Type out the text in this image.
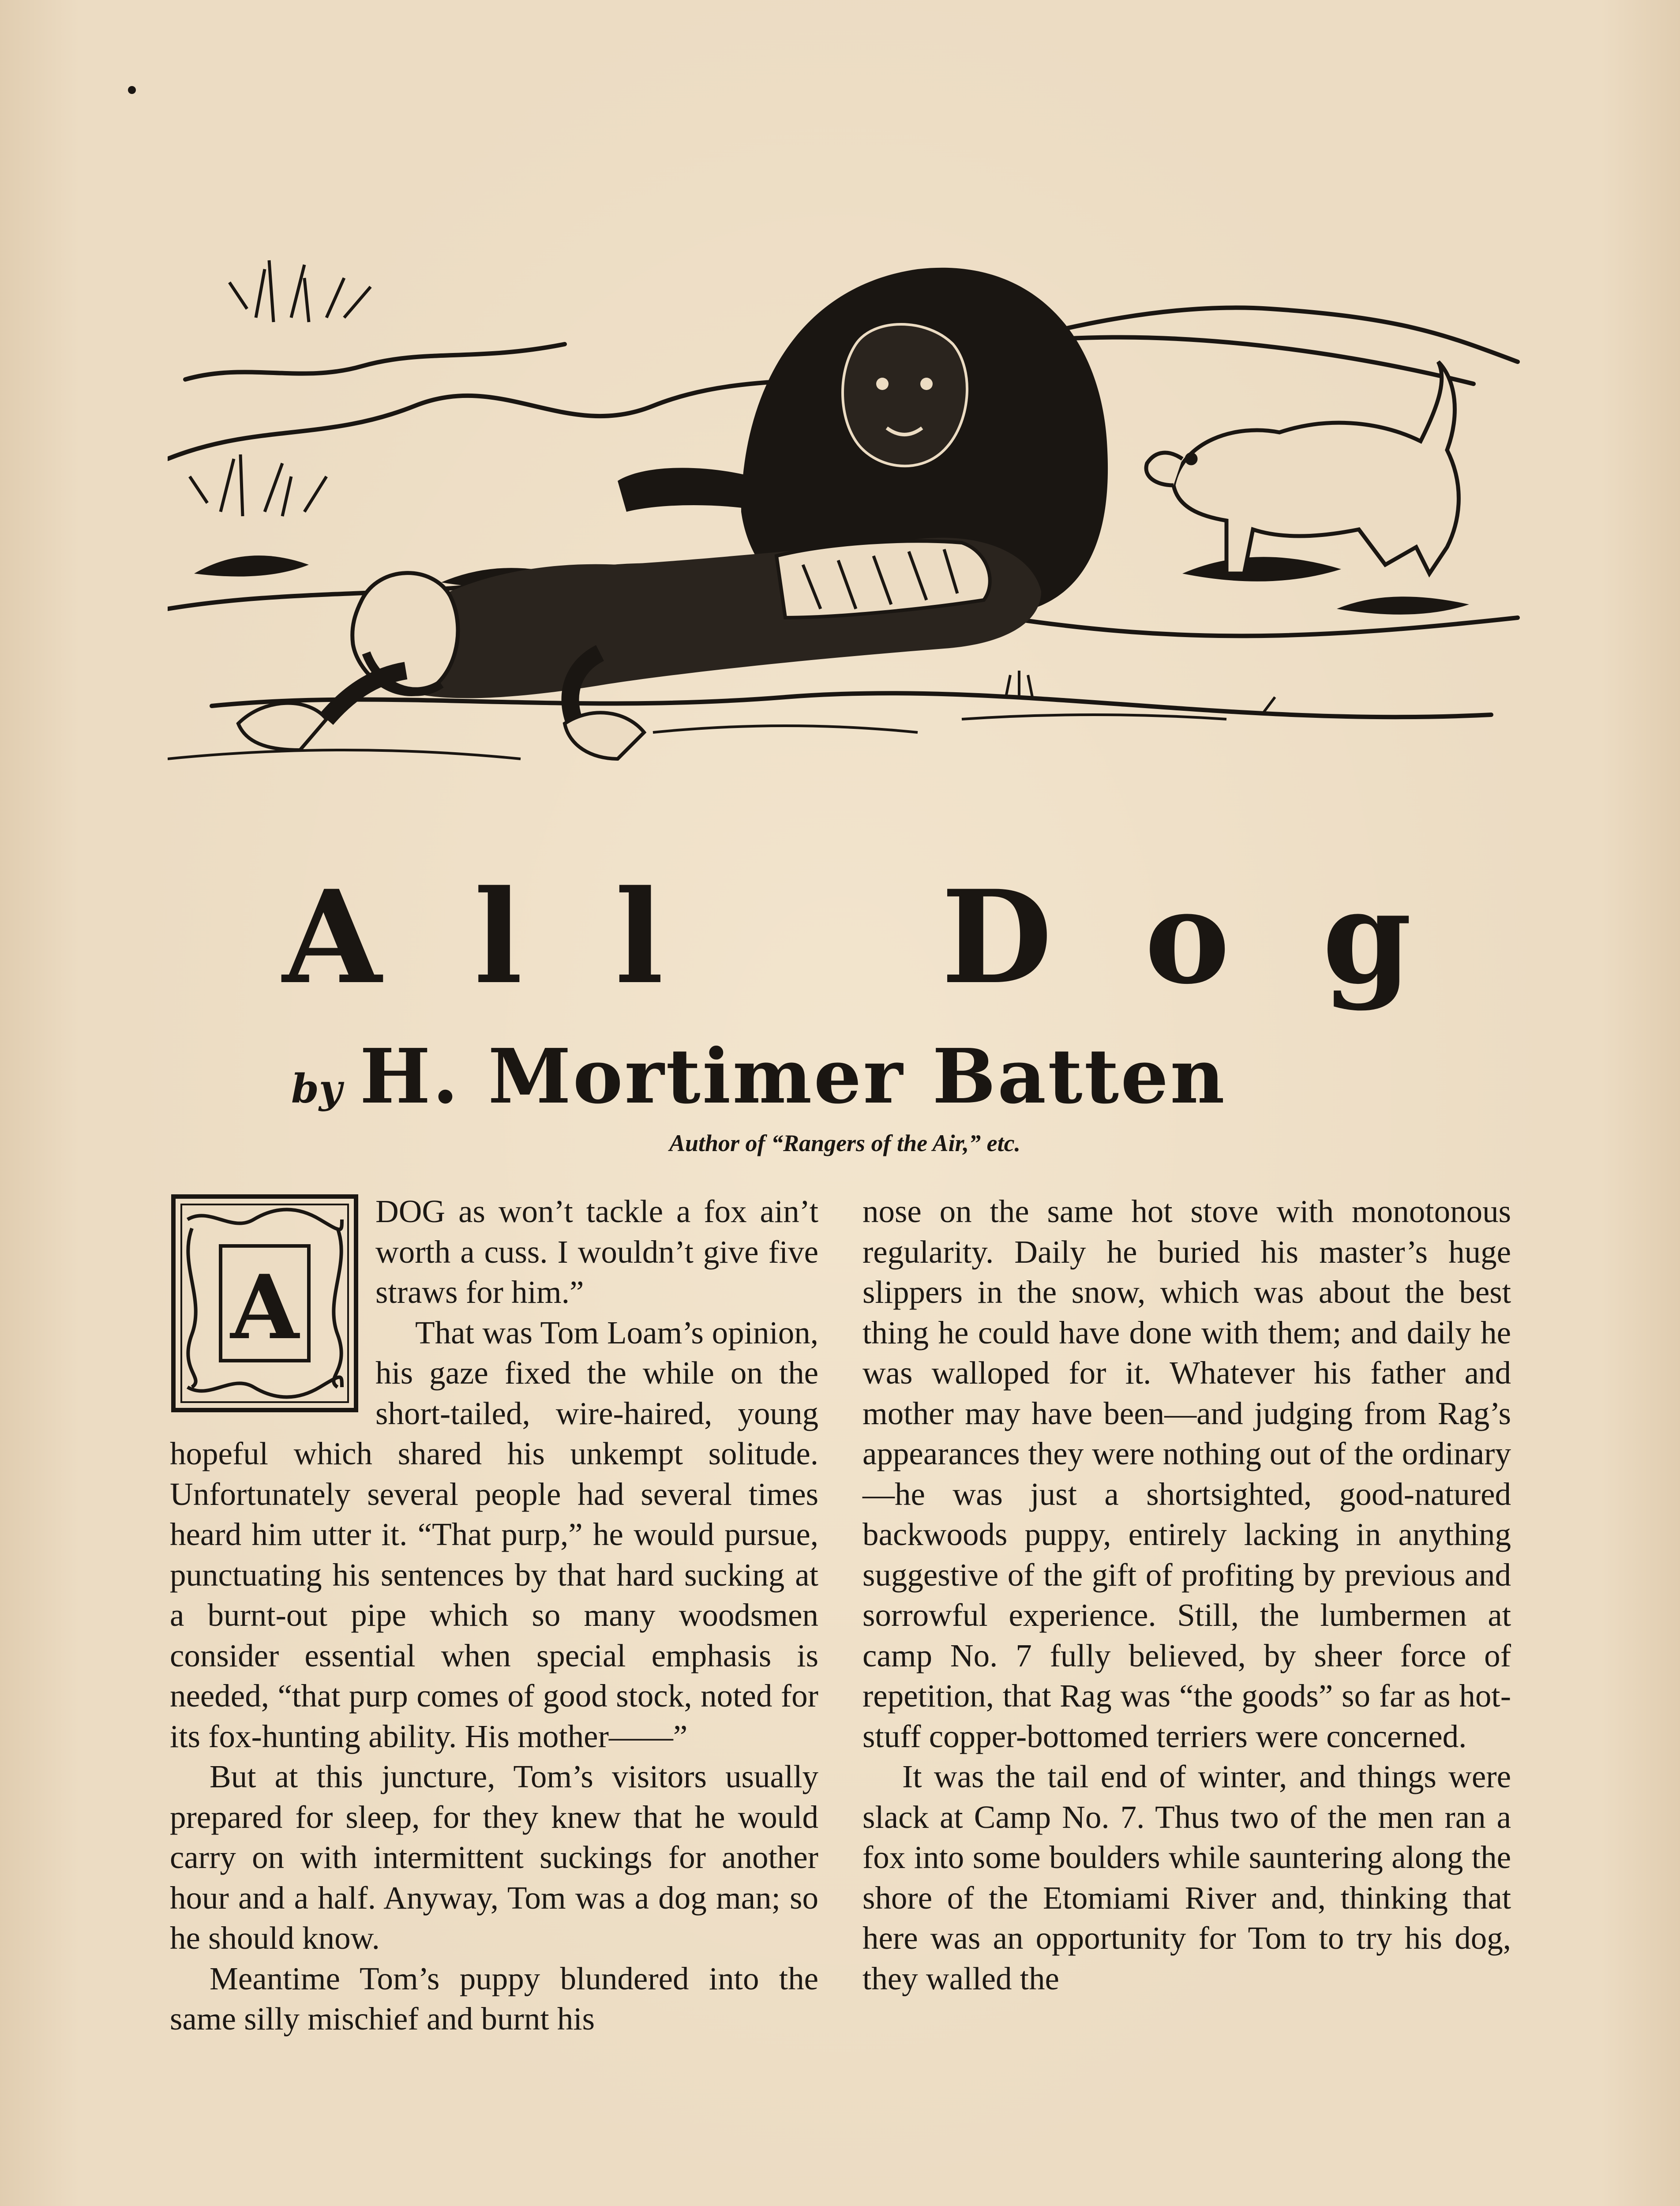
A l l D o g
by H. Mortimer Batten
Author of “Rangers of the Air,” etc.
A

DOG as won’t tackle a fox ain’t worth a cuss. I wouldn’t give five straws for him.”

That was Tom Loam’s opinion, his gaze fixed the while on the short-tailed, wire-haired, young hopeful which shared his unkempt solitude. Unfortunately several people had several times heard him utter it. “That purp,” he would pursue, punctuating his sentences by that hard sucking at a burnt-out pipe which so many woodsmen consider essential when special emphasis is needed, “that purp comes of good stock, noted for its fox-hunting ability. His mother——”

But at this juncture, Tom’s visitors usually prepared for sleep, for they knew that he would carry on with intermittent suckings for another hour and a half. Anyway, Tom was a dog man; so he should know.

Meantime Tom’s puppy blundered into the same silly mischief and burnt his

nose on the same hot stove with monotonous regularity. Daily he buried his master’s huge slippers in the snow, which was about the best thing he could have done with them; and daily he was walloped for it. Whatever his father and mother may have been—and judging from Rag’s appearances they were nothing out of the ordinary—he was just a shortsighted, good-natured backwoods puppy, entirely lacking in anything suggestive of the gift of profiting by previous and sorrowful experience. Still, the lumbermen at camp No. 7 fully believed, by sheer force of repetition, that Rag was “the goods” so far as hot-stuff copper-bottomed terriers were concerned.

It was the tail end of winter, and things were slack at Camp No. 7. Thus two of the men ran a fox into some boulders while sauntering along the shore of the Etomiami River and, thinking that here was an opportunity for Tom to try his dog, they walled the
